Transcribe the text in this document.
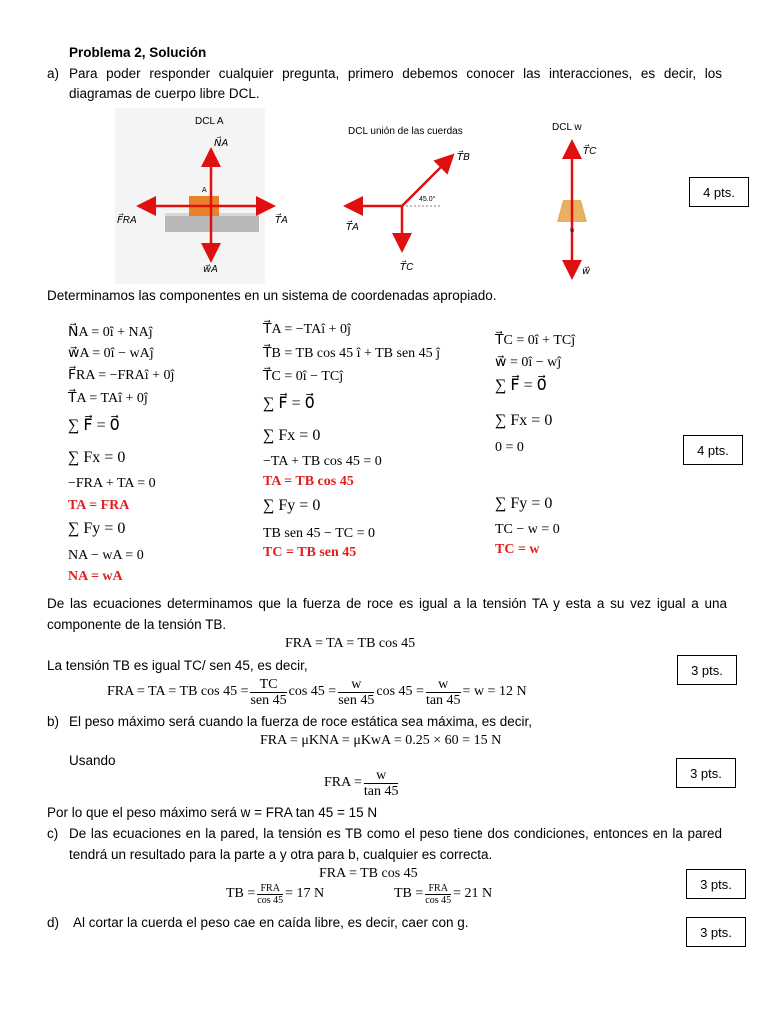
Problema 2, Solución
a) Para poder responder cualquier pregunta, primero debemos conocer las interacciones, es decir, los
diagramas de cuerpo libre DCL.
DCL A
A
N⃗A
w⃗A
F⃗RA	T⃗A
DCL unión de las cuerdas
45.0°
T⃗B
T⃗A
T⃗C
DCL w
w
T⃗C
w⃗
4 pts.
4 pts.
3 pts.
3 pts.
3 pts.
3 pts.
Determinamos las componentes en un sistema de coordenadas apropiado.
N⃗A = 0î + NAĵ
w⃗A = 0î − wAĵ
F⃗RA = −FRAî + 0ĵ
T⃗A = TAî + 0ĵ
∑ F⃗ = 0⃗
∑ Fx = 0
−FRA + TA = 0
TA = FRA
∑ Fy = 0
NA − wA = 0
NA = wA
T⃗A = −TAî + 0ĵ
T⃗B = TB cos 45 î + TB sen 45 ĵ
T⃗C = 0î − TCĵ
∑ F⃗ = 0⃗
∑ Fx = 0
−TA + TB cos 45 = 0
TA = TB cos 45
∑ Fy = 0
TB sen 45 − TC = 0
TC = TB sen 45
T⃗C = 0î + TCĵ
w⃗ = 0î − wĵ
∑ F⃗ = 0⃗
∑ Fx = 0
0 = 0
∑ Fy = 0
TC − w = 0
TC = w
De las ecuaciones determinamos que la fuerza de roce es igual a la tensión TA y esta a su vez igual a una
componente de la tensión TB.
FRA = TA = TB cos 45
La tensión TB es igual TC/ sen 45, es decir,
FRA = TA = TB $\cos 45 = \frac{TC}{\text{sen 45}}$ $\cos 45 = \frac{w}{\text{sen 45}}$ $\cos 45 = \frac{w}{\tan 45} = w = 12$ N
b) El peso máximo será cuando la fuerza de roce estática sea máxima, es decir,
FRA = μKNA = μKwA = 0.25 × 60 = 15 N
Usando
FRA = $\frac{w}{\tan 45}$
Por lo que el peso máximo será w = FRA tan 45 = 15 N
c) De las ecuaciones en la pared, la tensión es TB como el peso tiene dos condiciones, entonces en la pared
tendrá un resultado para la parte a y otra para b, cualquier es correcta.
FRA = TB cos 45
TB = $\frac{\text{FRA}}{\cos 45} = 17$ N	TB = $\frac{\text{FRA}}{\cos 45} = 21$ N
d) Al cortar la cuerda el peso cae en caída libre, es decir, caer con g.
